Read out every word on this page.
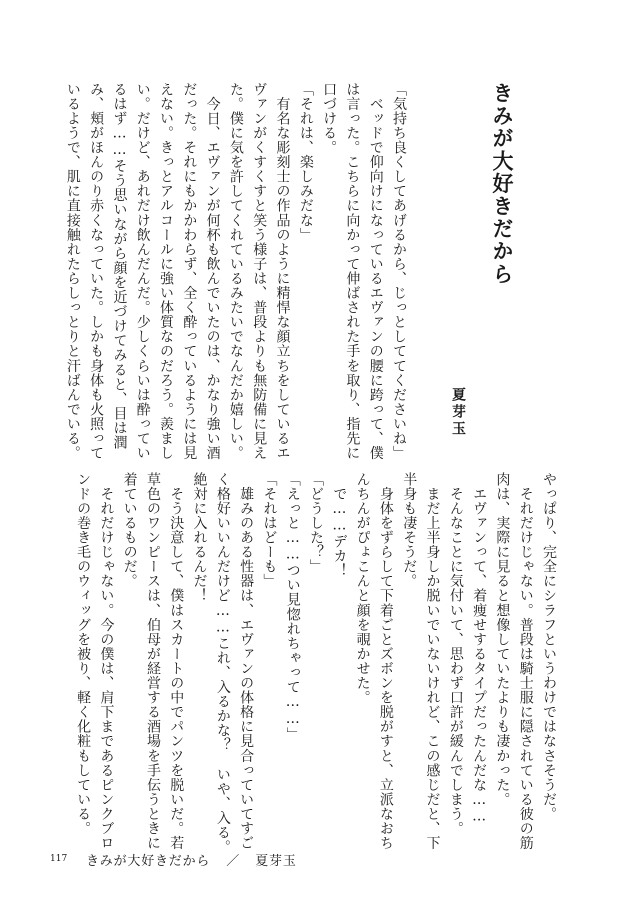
きみが大好きだから
夏芽玉
「気持ち良くしてあげるから、じっとしててくださいね」
　ベッドで仰向けになっているエヴァンの腰に跨って、僕
は言った。こちらに向かって伸ばされた手を取り、指先に
口づける。
「それは、楽しみだな」
　有名な彫刻士の作品のように精悍な顔立ちをしているエ
ヴァンがくすくすと笑う様子は、普段よりも無防備に見え
た。僕に気を許してくれているみたいでなんだか嬉しい。
　今日、エヴァンが何杯も飲んでいたのは、かなり強い酒
だった。それにもかかわらず、全く酔っているようには見
えない。きっとアルコールに強い体質なのだろう。羨まし
い。だけど、あれだけ飲んだんだ。少しくらいは酔ってい
るはず……そう思いながら顔を近づけてみると、目は潤
み、頬がほんのり赤くなっていた。しかも身体も火照って
いるようで、肌に直接触れたらしっとりと汗ばんでいる。
やっぱり、完全にシラフというわけではなさそうだ。
　それだけじゃない。普段は騎士服に隠されている彼の筋
肉は、実際に見ると想像していたよりも凄かった。
　エヴァンって、着痩せするタイプだったんだな……
　そんなことに気付いて、思わず口許が緩んでしまう。
　まだ上半身しか脱いでいないけれど、この感じだと、下
半身も凄そうだ。
　身体をずらして下着ごとズボンを脱がすと、立派なおち
んちんがぴょこんと顔を覗かせた。
　で……デカ！
「どうした？」
「えっと……つい見惚れちゃって……」
「それはどーも」
　雄みのある性器は、エヴァンの体格に見合っていてすご
く格好いいんだけど……これ、入るかな？　いや、入る。
絶対に入れるんだ！
　そう決意して、僕はスカートの中でパンツを脱いだ。若
草色のワンピースは、伯母が経営する酒場を手伝うときに
着ているものだ。
　それだけじゃない。今の僕は、肩下まであるピンクブロ
ンドの巻き毛のウィッグを被り、軽く化粧もしている。
117	きみが大好きだから ／ 夏芽玉
